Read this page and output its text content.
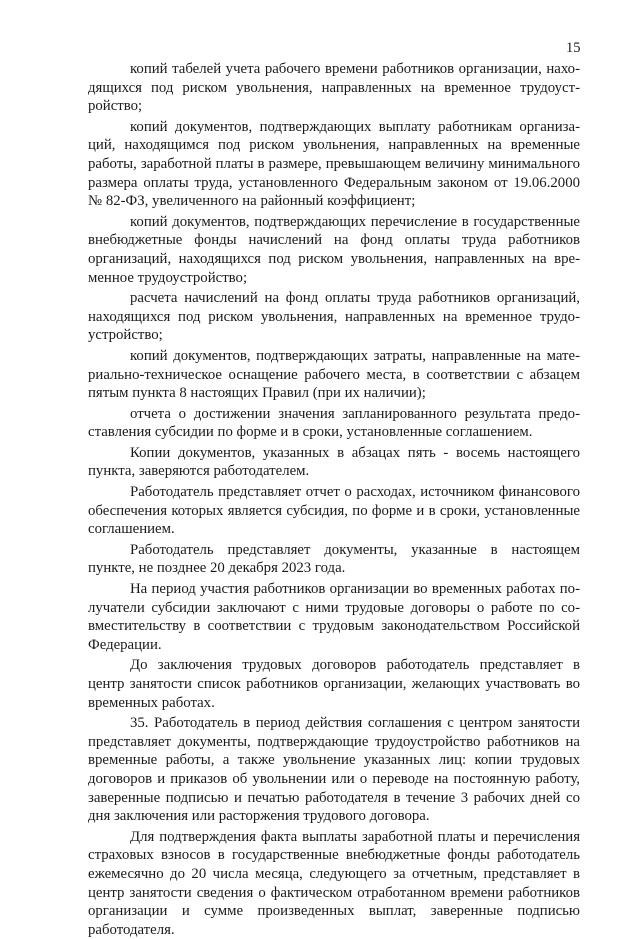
15

копий табелей учета рабочего времени работников организации, находящихся под риском увольнения, направленных на временное трудоустройство;

копий документов, подтверждающих выплату работникам организаций, находящимся под риском увольнения, направленных на временные работы, заработной платы в размере, превышающем величину минимального размера оплаты труда, установленного Федеральным законом от 19.06.2000 № 82-ФЗ, увеличенного на районный коэффициент;

копий документов, подтверждающих перечисление в государственные внебюджетные фонды начислений на фонд оплаты труда работников организаций, находящихся под риском увольнения, направленных на временное трудоустройство;

расчета начислений на фонд оплаты труда работников организаций, находящихся под риском увольнения, направленных на временное трудоустройство;

копий документов, подтверждающих затраты, направленные на материально-техническое оснащение рабочего места, в соответствии с абзацем пятым пункта 8 настоящих Правил (при их наличии);

отчета о достижении значения запланированного результата предоставления субсидии по форме и в сроки, установленные соглашением.

Копии документов, указанных в абзацах пять - восемь настоящего пункта, заверяются работодателем.

Работодатель представляет отчет о расходах, источником финансового обеспечения которых является субсидия, по форме и в сроки, установленные соглашением.

Работодатель представляет документы, указанные в настоящем пункте, не позднее 20 декабря 2023 года.

На период участия работников организации во временных работах получатели субсидии заключают с ними трудовые договоры о работе по совместительству в соответствии с трудовым законодательством Российской Федерации.

До заключения трудовых договоров работодатель представляет в центр занятости список работников организации, желающих участвовать во временных работах.

35. Работодатель в период действия соглашения с центром занятости представляет документы, подтверждающие трудоустройство работников на временные работы, а также увольнение указанных лиц: копии трудовых договоров и приказов об увольнении или о переводе на постоянную работу, заверенные подписью и печатью работодателя в течение 3 рабочих дней со дня заключения или расторжения трудового договора.

Для подтверждения факта выплаты заработной платы и перечисления страховых взносов в государственные внебюджетные фонды работодатель ежемесячно до 20 числа месяца, следующего за отчетным, представляет в центр занятости сведения о фактическом отработанном времени работников организации и сумме произведенных выплат, заверенные подписью работодателя.
